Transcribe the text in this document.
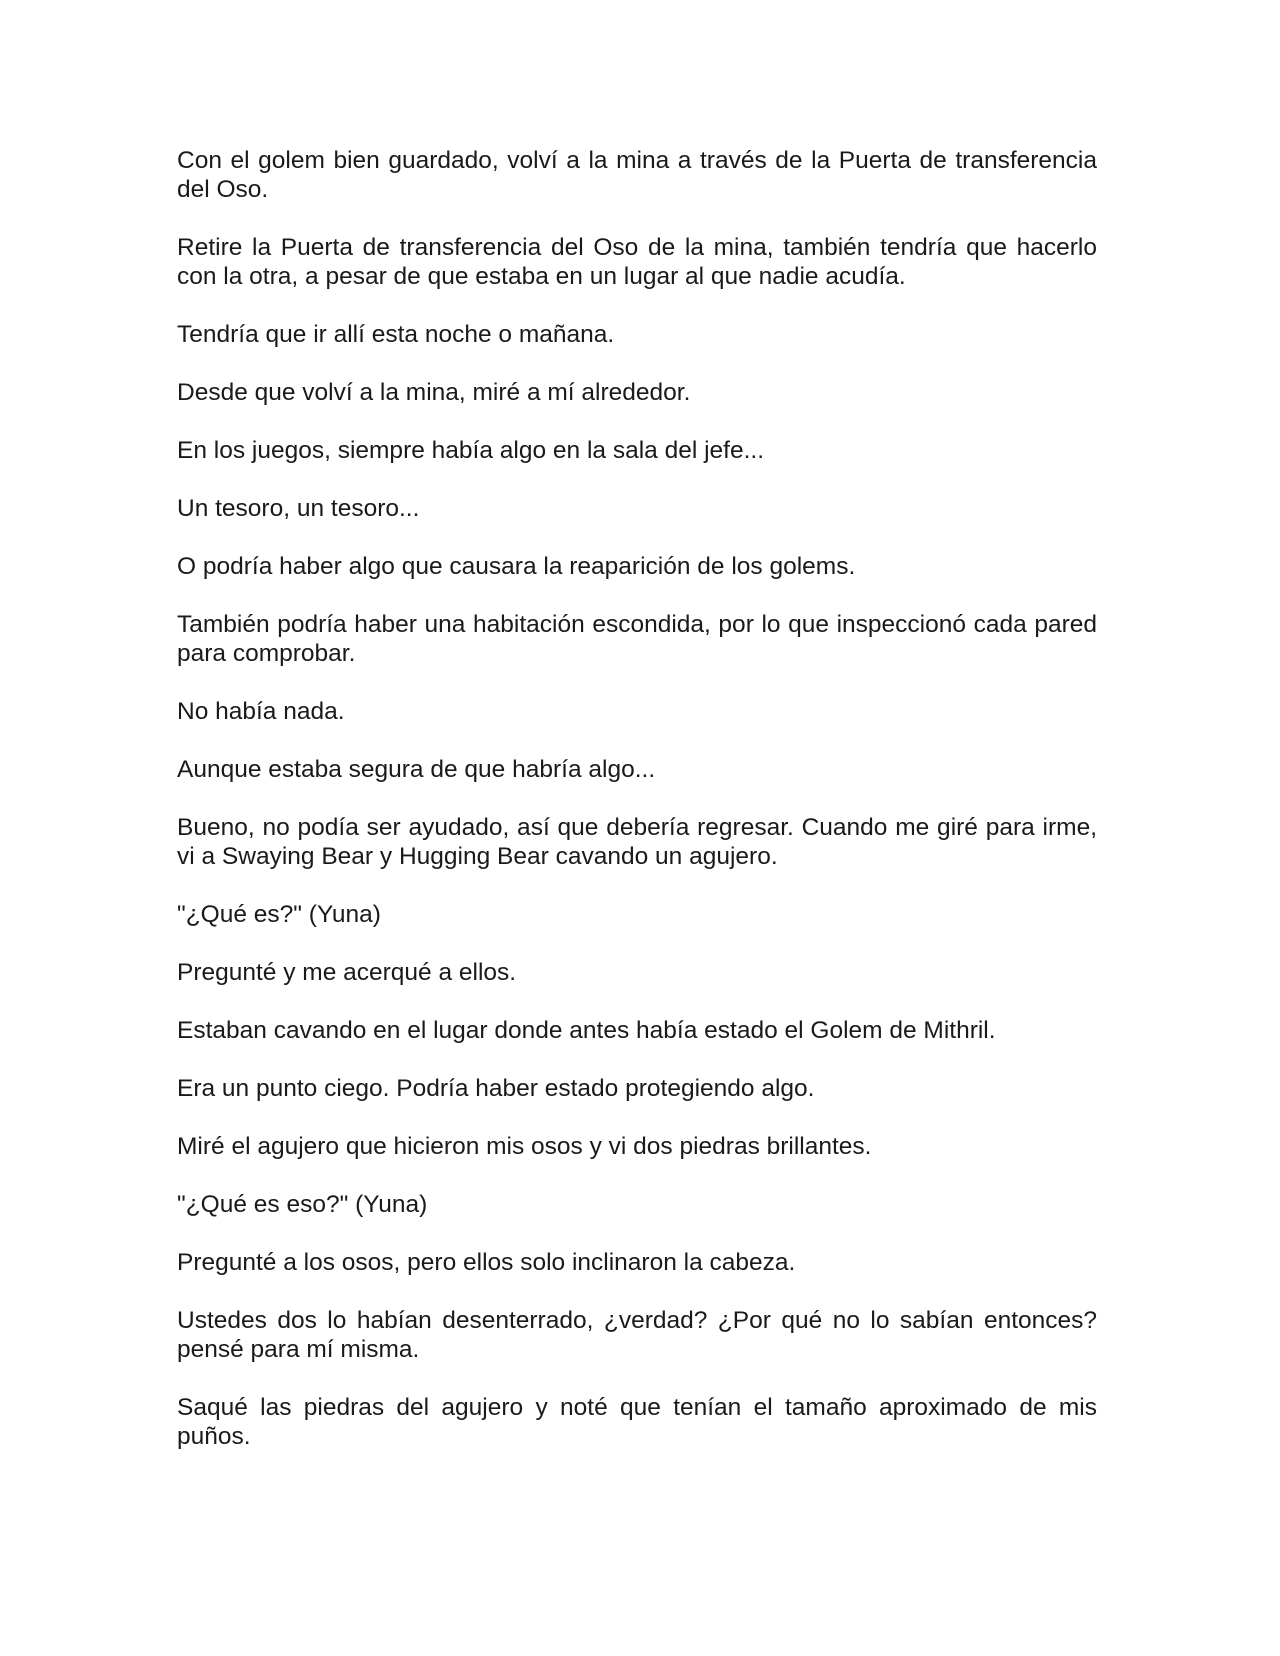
Con el golem bien guardado, volví a la mina a través de la Puerta de transferencia del Oso.

Retire la Puerta de transferencia del Oso de la mina, también tendría que hacerlo con la otra, a pesar de que estaba en un lugar al que nadie acudía.

Tendría que ir allí esta noche o mañana.

Desde que volví a la mina, miré a mí alrededor.

En los juegos, siempre había algo en la sala del jefe...

Un tesoro, un tesoro...

O podría haber algo que causara la reaparición de los golems.

También podría haber una habitación escondida, por lo que inspeccionó cada pared para comprobar.

No había nada.

Aunque estaba segura de que habría algo...

Bueno, no podía ser ayudado, así que debería regresar. Cuando me giré para irme, vi a Swaying Bear y Hugging Bear cavando un agujero.

"¿Qué es?" (Yuna)

Pregunté y me acerqué a ellos.

Estaban cavando en el lugar donde antes había estado el Golem de Mithril.

Era un punto ciego. Podría haber estado protegiendo algo.

Miré el agujero que hicieron mis osos y vi dos piedras brillantes.

"¿Qué es eso?" (Yuna)

Pregunté a los osos, pero ellos solo inclinaron la cabeza.

Ustedes dos lo habían desenterrado, ¿verdad? ¿Por qué no lo sabían entonces? pensé para mí misma.

Saqué las piedras del agujero y noté que tenían el tamaño aproximado de mis puños.
